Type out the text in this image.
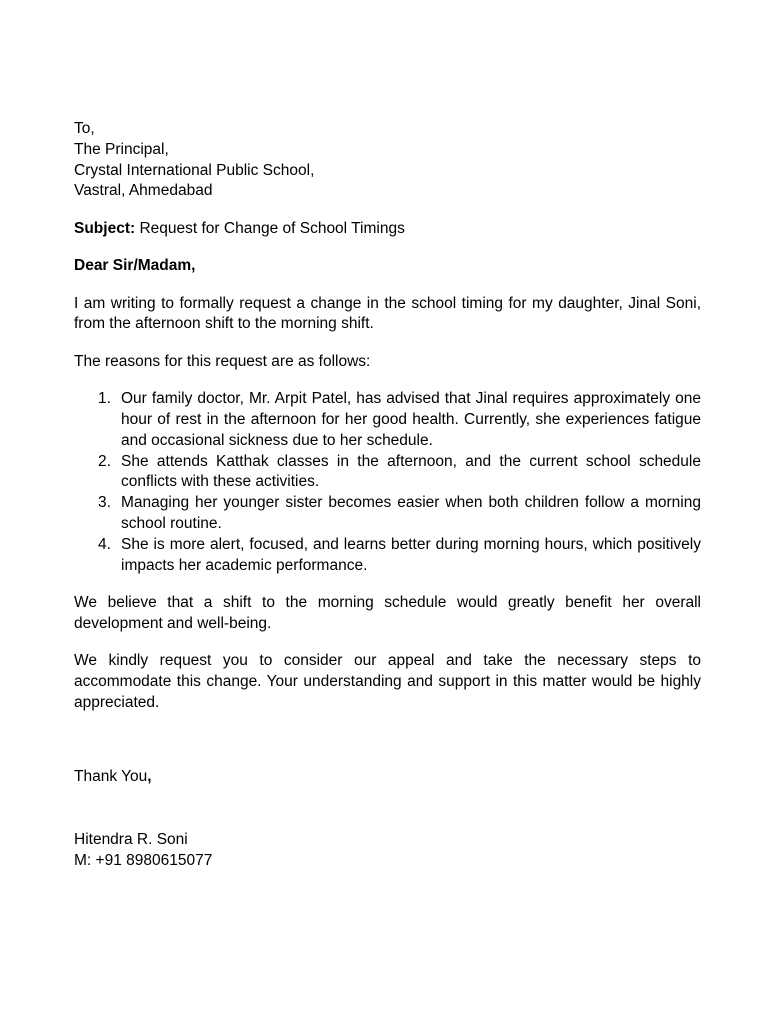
To,

The Principal,

Crystal International Public School,

Vastral, Ahmedabad

Subject: Request for Change of School Timings

Dear Sir/Madam,

I am writing to formally request a change in the school timing for my daughter, Jinal Soni, from the afternoon shift to the morning shift.

The reasons for this request are as follows:

1. Our family doctor, Mr. Arpit Patel, has advised that Jinal requires approximately one hour of rest in the afternoon for her good health. Currently, she experiences fatigue and occasional sickness due to her schedule.
2. She attends Katthak classes in the afternoon, and the current school schedule conflicts with these activities.
3. Managing her younger sister becomes easier when both children follow a morning school routine.
4. She is more alert, focused, and learns better during morning hours, which positively impacts her academic performance.

We believe that a shift to the morning schedule would greatly benefit her overall development and well-being.

We kindly request you to consider our appeal and take the necessary steps to accommodate this change. Your understanding and support in this matter would be highly appreciated.

Thank You,

Hitendra R. Soni

M: +91 8980615077
